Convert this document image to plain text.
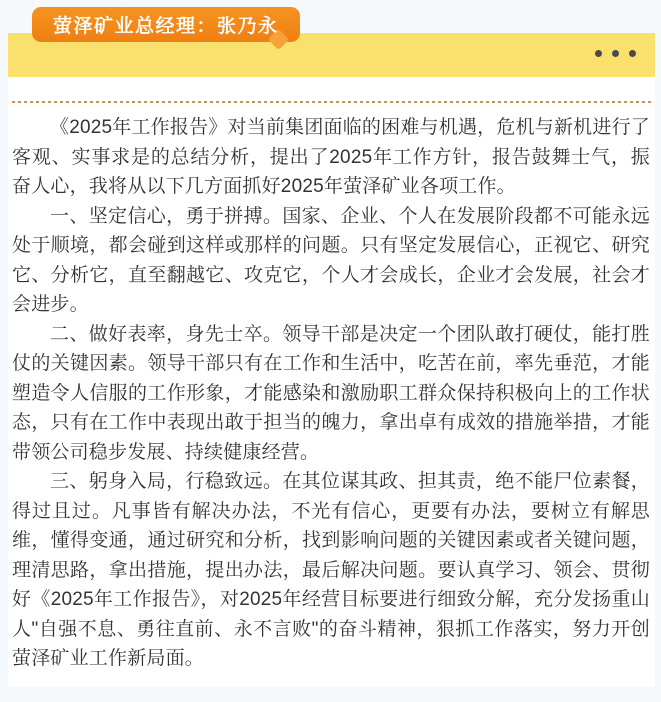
萤泽矿业总经理：张乃永

《2025年工作报告》对当前集团面临的困难与机遇，危机与新机进行了客观、实事求是的总结分析，提出了2025年工作方针，报告鼓舞士气，振奋人心，我将从以下几方面抓好2025年萤泽矿业各项工作。

一、坚定信心，勇于拼搏。国家、企业、个人在发展阶段都不可能永远处于顺境，都会碰到这样或那样的问题。只有坚定发展信心，正视它、研究它、分析它，直至翻越它、攻克它，个人才会成长，企业才会发展，社会才会进步。

二、做好表率，身先士卒。领导干部是决定一个团队敢打硬仗，能打胜仗的关键因素。领导干部只有在工作和生活中，吃苦在前，率先垂范，才能塑造令人信服的工作形象，才能感染和激励职工群众保持积极向上的工作状态，只有在工作中表现出敢于担当的魄力，拿出卓有成效的措施举措，才能带领公司稳步发展、持续健康经营。

三、躬身入局，行稳致远。在其位谋其政、担其责，绝不能尸位素餐，得过且过。凡事皆有解决办法，不光有信心，更要有办法，要树立有解思维，懂得变通，通过研究和分析，找到影响问题的关键因素或者关键问题，理清思路，拿出措施，提出办法，最后解决问题。要认真学习、领会、贯彻好《2025年工作报告》，对2025年经营目标要进行细致分解，充分发扬重山人"自强不息、勇往直前、永不言败"的奋斗精神，狠抓工作落实，努力开创萤泽矿业工作新局面。
